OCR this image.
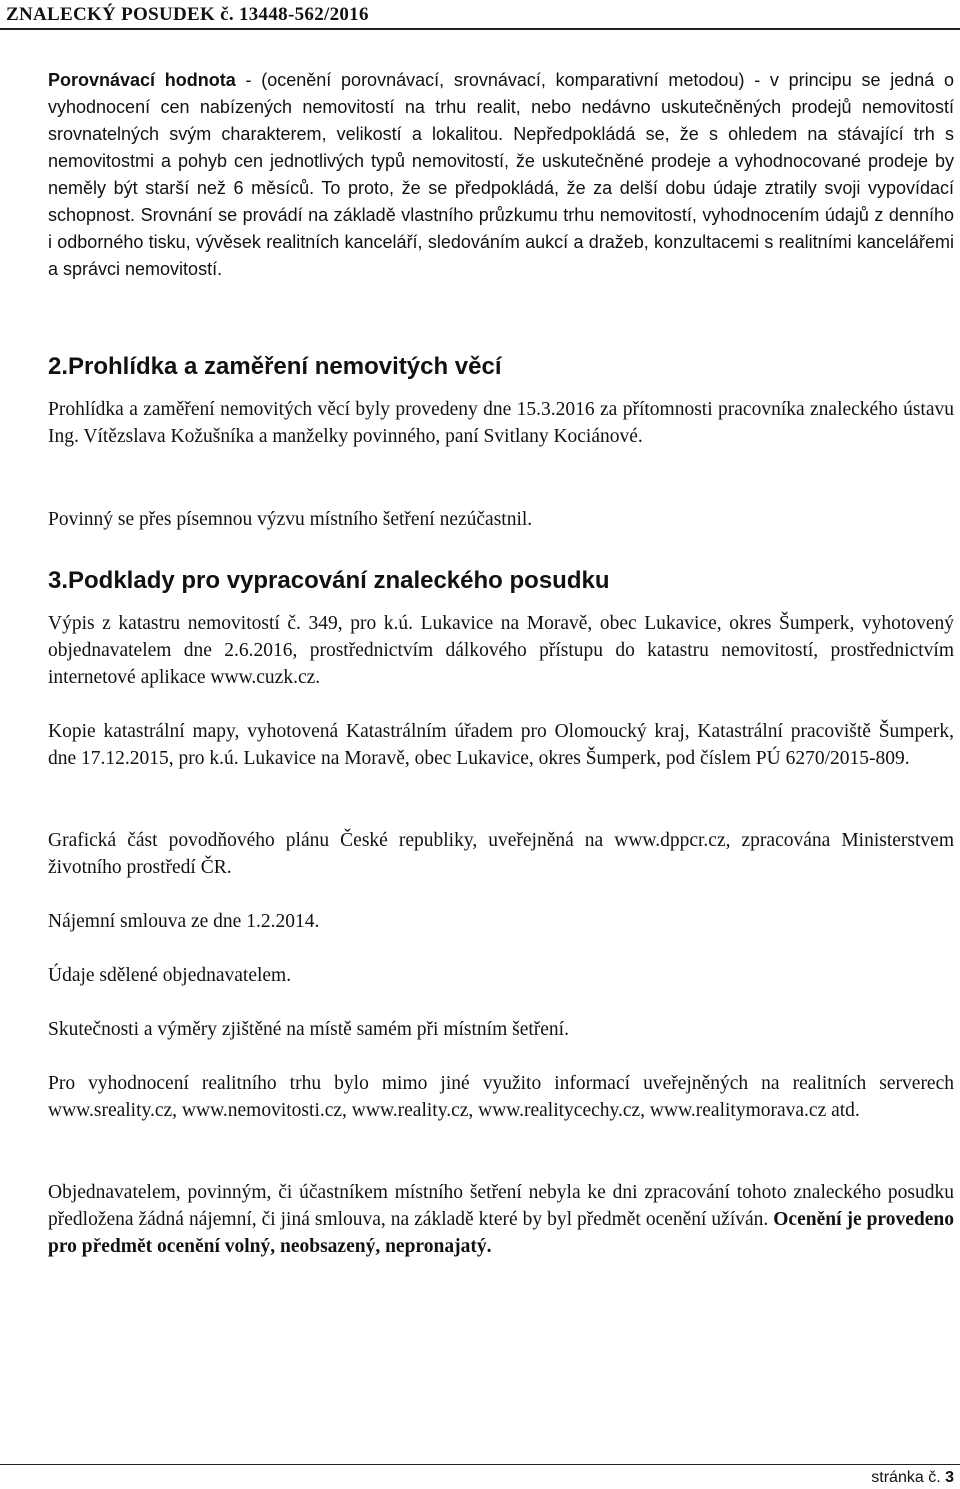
ZNALECKÝ POSUDEK č. 13448-562/2016
Porovnávací hodnota - (ocenění porovnávací, srovnávací, komparativní metodou) - v principu se jedná o vyhodnocení cen nabízených nemovitostí na trhu realit, nebo nedávno uskutečněných prodejů nemovitostí srovnatelných svým charakterem, velikostí a lokalitou. Nepředpokládá se, že s ohledem na stávající trh s nemovitostmi a pohyb cen jednotlivých typů nemovitostí, že uskutečněné prodeje a vyhodnocované prodeje by neměly být starší než 6 měsíců. To proto, že se předpokládá, že za delší dobu údaje ztratily svoji vypovídací schopnost. Srovnání se provádí na základě vlastního průzkumu trhu nemovitostí, vyhodnocením údajů z denního i odborného tisku, vývěsek realitních kanceláří, sledováním aukcí a dražeb, konzultacemi s realitními kancelářemi a správci nemovitostí.
2.Prohlídka a zaměření nemovitých věcí
Prohlídka a zaměření nemovitých věcí byly provedeny dne 15.3.2016 za přítomnosti pracovníka znaleckého ústavu Ing. Vítězslava Kožušníka a manželky povinného, paní Svitlany Kociánové.
Povinný se přes písemnou výzvu místního šetření nezúčastnil.
3.Podklady pro vypracování znaleckého posudku
Výpis z katastru nemovitostí č. 349, pro k.ú. Lukavice na Moravě, obec Lukavice, okres Šumperk, vyhotovený objednavatelem dne 2.6.2016, prostřednictvím dálkového přístupu do katastru nemovitostí, prostřednictvím internetové aplikace www.cuzk.cz.
Kopie katastrální mapy, vyhotovená Katastrálním úřadem pro Olomoucký kraj, Katastrální pracoviště Šumperk, dne 17.12.2015, pro k.ú. Lukavice na Moravě, obec Lukavice, okres Šumperk, pod číslem PÚ 6270/2015-809.
Grafická část povodňového plánu České republiky, uveřejněná na www.dppcr.cz, zpracována Ministerstvem životního prostředí ČR.
Nájemní smlouva ze dne 1.2.2014.
Údaje sdělené objednavatelem.
Skutečnosti a výměry zjištěné na místě samém při místním šetření.
Pro vyhodnocení realitního trhu bylo mimo jiné využito informací uveřejněných na realitních serverech www.sreality.cz, www.nemovitosti.cz, www.reality.cz, www.realitycechy.cz, www.realitymorava.cz atd.
Objednavatelem, povinným, či účastníkem místního šetření nebyla ke dni zpracování tohoto znaleckého posudku předložena žádná nájemní, či jiná smlouva, na základě které by byl předmět ocenění užíván. Ocenění je provedeno pro předmět ocenění volný, neobsazený, nepronajatý.
stránka č. 3
